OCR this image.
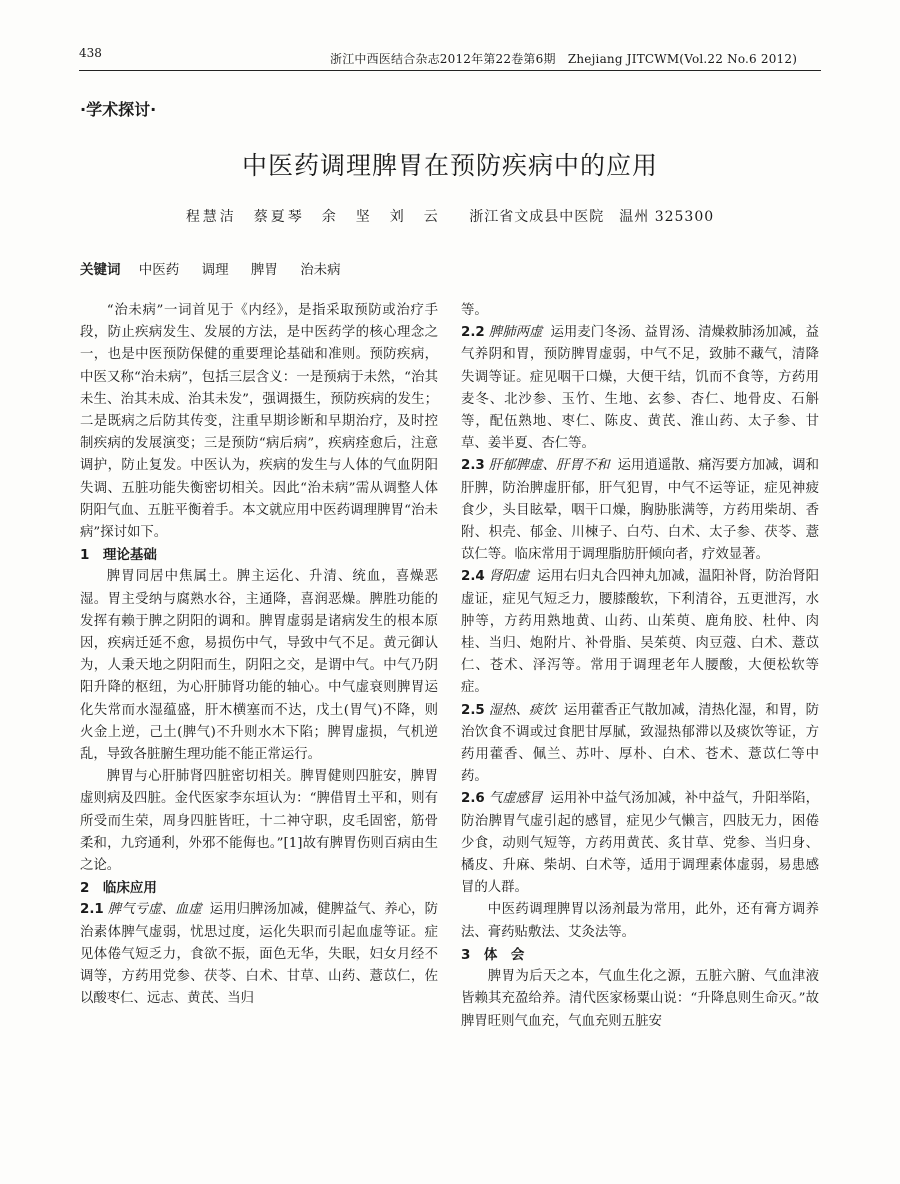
438	浙江中西医结合杂志2012年第22卷第6期　Zhejiang JITCWM(Vol.22 No.6 2012)
·学术探讨·
中医药调理脾胃在预防疾病中的应用
程慧洁　蔡夏琴　余　坚　刘　云 浙江省文成县中医院　温州 325300
关键词 中医药 调理 脾胃 治未病

“治未病”一词首见于《内经》，是指采取预防或治疗手段，防止疾病发生、发展的方法，是中医药学的核心理念之一，也是中医预防保健的重要理论基础和准则。预防疾病，中医又称“治未病”，包括三层含义：一是预病于未然，“治其未生、治其未成、治其未发”，强调摄生，预防疾病的发生；二是既病之后防其传变，注重早期诊断和早期治疗，及时控制疾病的发展演变；三是预防“病后病”，疾病痊愈后，注意调护，防止复发。中医认为，疾病的发生与人体的气血阴阳失调、五脏功能失衡密切相关。因此“治未病”需从调整人体阴阳气血、五脏平衡着手。本文就应用中医药调理脾胃“治未病”探讨如下。

1　理论基础

脾胃同居中焦属土。脾主运化、升清、统血，喜燥恶湿。胃主受纳与腐熟水谷，主通降，喜润恶燥。脾胜功能的发挥有赖于脾之阴阳的调和。脾胃虚弱是诸病发生的根本原因，疾病迁延不愈，易损伤中气，导致中气不足。黄元御认为，人秉天地之阴阳而生，阴阳之交，是谓中气。中气乃阴阳升降的枢纽，为心肝肺肾功能的轴心。中气虚衰则脾胃运化失常而水湿蕴盛，肝木横塞而不达，戊土(胃气)不降，则火金上逆，己土(脾气)不升则水木下陷；脾胃虚损，气机逆乱，导致各脏腑生理功能不能正常运行。

脾胃与心肝肺肾四脏密切相关。脾胃健则四脏安，脾胃虚则病及四脏。金代医家李东垣认为：“脾借胃土平和，则有所受而生荣，周身四脏皆旺，十二神守职，皮毛固密，筋骨柔和，九窍通利，外邪不能侮也。”[1]故有脾胃伤则百病由生之论。

2　临床应用

2.1 脾气亏虚、血虚 运用归脾汤加减，健脾益气、养心，防治素体脾气虚弱，忧思过度，运化失职而引起血虚等证。症见体倦气短乏力，食欲不振，面色无华，失眠，妇女月经不调等，方药用党参、茯苓、白术、甘草、山药、薏苡仁，佐以酸枣仁、远志、黄芪、当归

等。

2.2 脾肺两虚 运用麦门冬汤、益胃汤、清燥救肺汤加减，益气养阴和胃，预防脾胃虚弱，中气不足，致肺不藏气，清降失调等证。症见咽干口燥，大便干结，饥而不食等，方药用麦冬、北沙参、玉竹、生地、玄参、杏仁、地骨皮、石斛等，配伍熟地、枣仁、陈皮、黄芪、淮山药、太子参、甘草、姜半夏、杏仁等。

2.3 肝郁脾虚、肝胃不和 运用逍遥散、痛泻要方加减，调和肝脾，防治脾虚肝郁，肝气犯胃，中气不运等证，症见神疲食少，头目眩晕，咽干口燥，胸胁胀满等，方药用柴胡、香附、枳壳、郁金、川楝子、白芍、白术、太子参、茯苓、薏苡仁等。临床常用于调理脂肪肝倾向者，疗效显著。

2.4 肾阳虚 运用右归丸合四神丸加减，温阳补肾，防治肾阳虚证，症见气短乏力，腰膝酸软，下利清谷，五更泄泻，水肿等，方药用熟地黄、山药、山茱萸、鹿角胶、杜仲、肉桂、当归、炮附片、补骨脂、吴茱萸、肉豆蔻、白术、薏苡仁、苍术、泽泻等。常用于调理老年人腰酸，大便松软等症。

2.5 湿热、痰饮 运用藿香正气散加减，清热化湿，和胃，防治饮食不调或过食肥甘厚腻，致湿热郁滞以及痰饮等证，方药用藿香、佩兰、苏叶、厚朴、白术、苍术、薏苡仁等中药。

2.6 气虚感冒 运用补中益气汤加减，补中益气，升阳举陷，防治脾胃气虚引起的感冒，症见少气懒言，四肢无力，困倦少食，动则气短等，方药用黄芪、炙甘草、党参、当归身、橘皮、升麻、柴胡、白术等，适用于调理素体虚弱，易患感冒的人群。

中医药调理脾胃以汤剂最为常用，此外，还有膏方调养法、膏药贴敷法、艾灸法等。

3　体　会

脾胃为后天之本，气血生化之源，五脏六腑、气血津液皆赖其充盈给养。清代医家杨粟山说：“升降息则生命灭。”故脾胃旺则气血充，气血充则五脏安
